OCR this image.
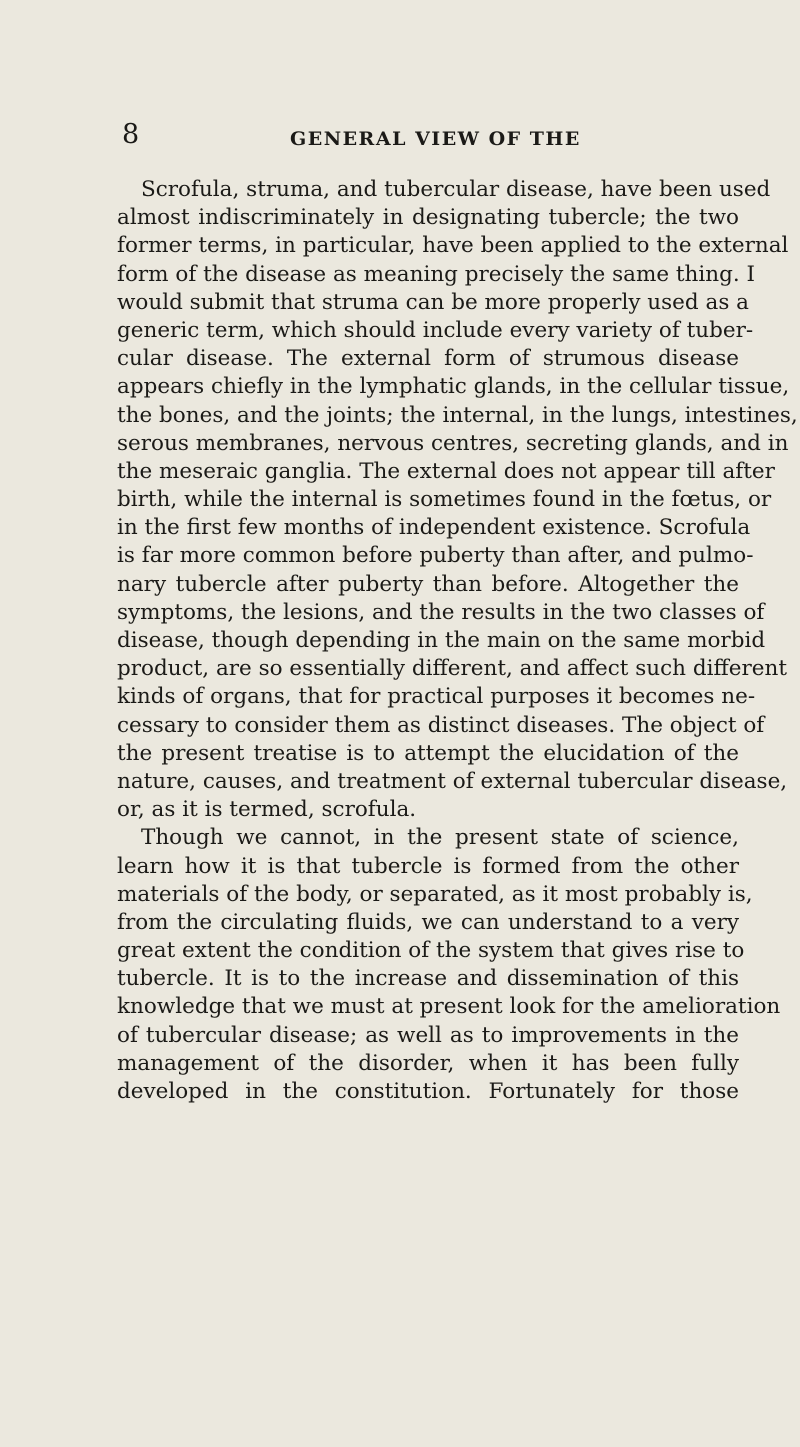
8	GENERAL VIEW OF THE

Scrofula, struma, and tubercular disease, have been used
almost indiscriminately in designating tubercle; the two
former terms, in particular, have been applied to the external
form of the disease as meaning precisely the same thing. I
would submit that struma can be more properly used as a
generic term, which should include every variety of tuber-
cular disease. The external form of strumous disease
appears chiefly in the lymphatic glands, in the cellular tissue,
the bones, and the joints; the internal, in the lungs, intestines,
serous membranes, nervous centres, secreting glands, and in
the meseraic ganglia. The external does not appear till after
birth, while the internal is sometimes found in the fœtus, or
in the first few months of independent existence. Scrofula
is far more common before puberty than after, and pulmo-
nary tubercle after puberty than before. Altogether the
symptoms, the lesions, and the results in the two classes of
disease, though depending in the main on the same morbid
product, are so essentially different, and affect such different
kinds of organs, that for practical purposes it becomes ne-
cessary to consider them as distinct diseases. The object of
the present treatise is to attempt the elucidation of the
nature, causes, and treatment of external tubercular disease,
or, as it is termed, scrofula.
Though we cannot, in the present state of science,
learn how it is that tubercle is formed from the other
materials of the body, or separated, as it most probably is,
from the circulating fluids, we can understand to a very
great extent the condition of the system that gives rise to
tubercle. It is to the increase and dissemination of this
knowledge that we must at present look for the amelioration
of tubercular disease; as well as to improvements in the
management of the disorder, when it has been fully
developed in the constitution. Fortunately for those
